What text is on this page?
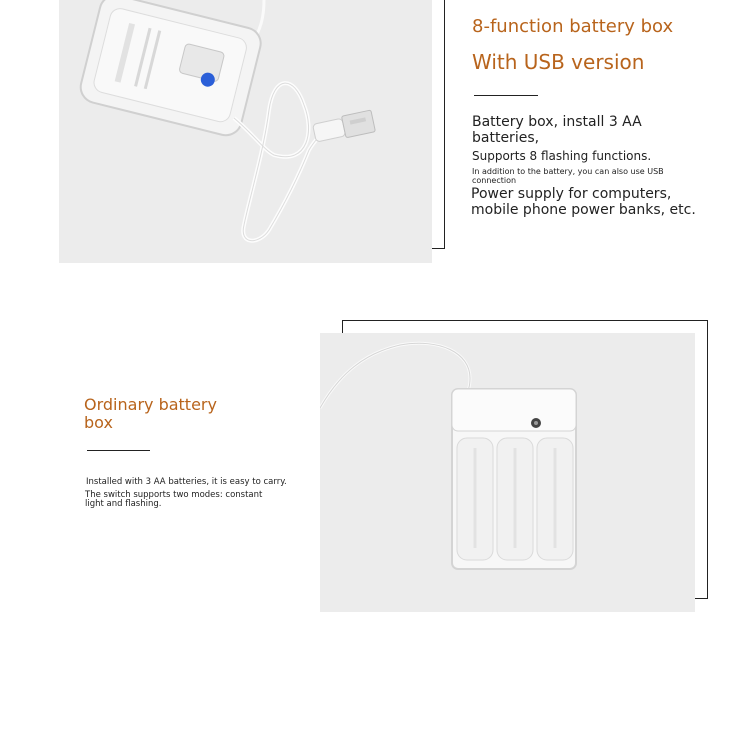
8-function battery box
With USB version
Battery box, install 3 AA
batteries,
Supports 8 flashing functions.
In addition to the battery, you can also use USB
connection
Power supply for computers,
mobile phone power banks, etc.
Ordinary battery
box
Installed with 3 AA batteries, it is easy to carry.
The switch supports two modes: constant
light and flashing.
